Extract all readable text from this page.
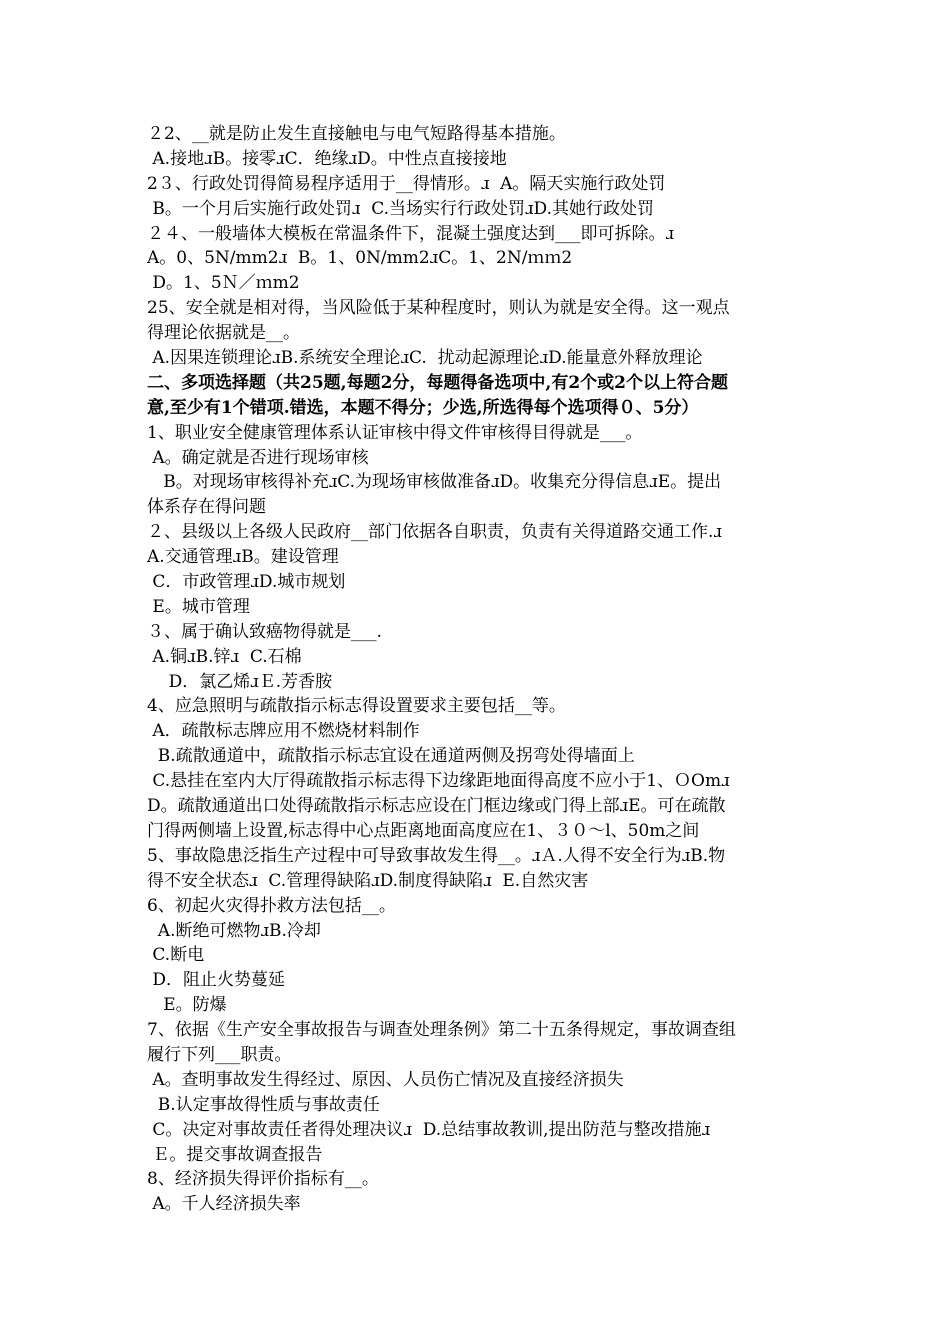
２2、__就是防止发生直接触电与电气短路得基本措施。
A.接地ɹB。接零ɹC．绝缘ɹD。中性点直接接地
2３、行政处罚得简易程序适用于__得情形。ɹ  A。隔天实施行政处罚
B。一个月后实施行政处罚ɹ  C.当场实行行政处罚ɹD.其她行政处罚
２４、一般墙体大模板在常温条件下，混凝土强度达到___即可拆除。ɹ
A。0、5N/mm2ɹ  B。1、0N/mm2ɹC。1、2N/ｍｍ2
D。1、5Ｎ／ｍm2
25、安全就是相对得，当风险低于某种程度时，则认为就是安全得。这一观点
得理论依据就是__。
A.因果连锁理论ɹB.系统安全理论ɹC.  扰动起源理论ɹD.能量意外释放理论
二、多项选择题（共25题,每题2分，每题得备选项中,有2个或2个以上符合题
意,至少有1个错项.错选，本题不得分；少选,所选得每个选项得０、5分）
1、职业安全健康管理体系认证审核中得文件审核得目得就是___。
A。确定就是否进行现场审核
B。对现场审核得补充ɹC.为现场审核做准备ɹD。收集充分得信息ɹE。提出
体系存在得问题
２、县级以上各级人民政府__部门依据各自职责，负责有关得道路交通工作.ɹ
A.交通管理ɹB。建设管理
C．市政管理ɹD.城市规划
E。城市管理
３、属于确认致癌物得就是___.
A.铜ɹB.锌ɹ  C.石棉
D．氯乙烯ɹＥ.芳香胺
4、应急照明与疏散指示标志得设置要求主要包括__等。
A．疏散标志牌应用不燃烧材料制作
B.疏散通道中，疏散指示标志宜设在通道两侧及拐弯处得墙面上
C.悬挂在室内大厅得疏散指示标志得下边缘距地面得高度不应小于1、ＯOmɹ
D。疏散通道出口处得疏散指示标志应设在门框边缘或门得上部ɹE。可在疏散
门得两侧墙上设置,标志得中心点距离地面高度应在1、３０～l、50m之间
5、事故隐患泛指生产过程中可导致事故发生得__。ɹＡ.人得不安全行为ɹB.物
得不安全状态ɹ  C.管理得缺陷ɹD.制度得缺陷ɹ  E.自然灾害
6、初起火灾得扑救方法包括__。
A.断绝可燃物ɹB.冷却
C.断电
D．阻止火势蔓延
E。防爆
7、依据《生产安全事故报告与调查处理条例》第二十五条得规定，事故调查组
履行下列___职责。
A。查明事故发生得经过、原因、人员伤亡情况及直接经济损失
B.认定事故得性质与事故责任
C。决定对事故责任者得处理决议ɹ  D.总结事故教训,提出防范与整改措施ɹ
Ｅ。提交事故调查报告
8、经济损失得评价指标有__。
A。千人经济损失率
